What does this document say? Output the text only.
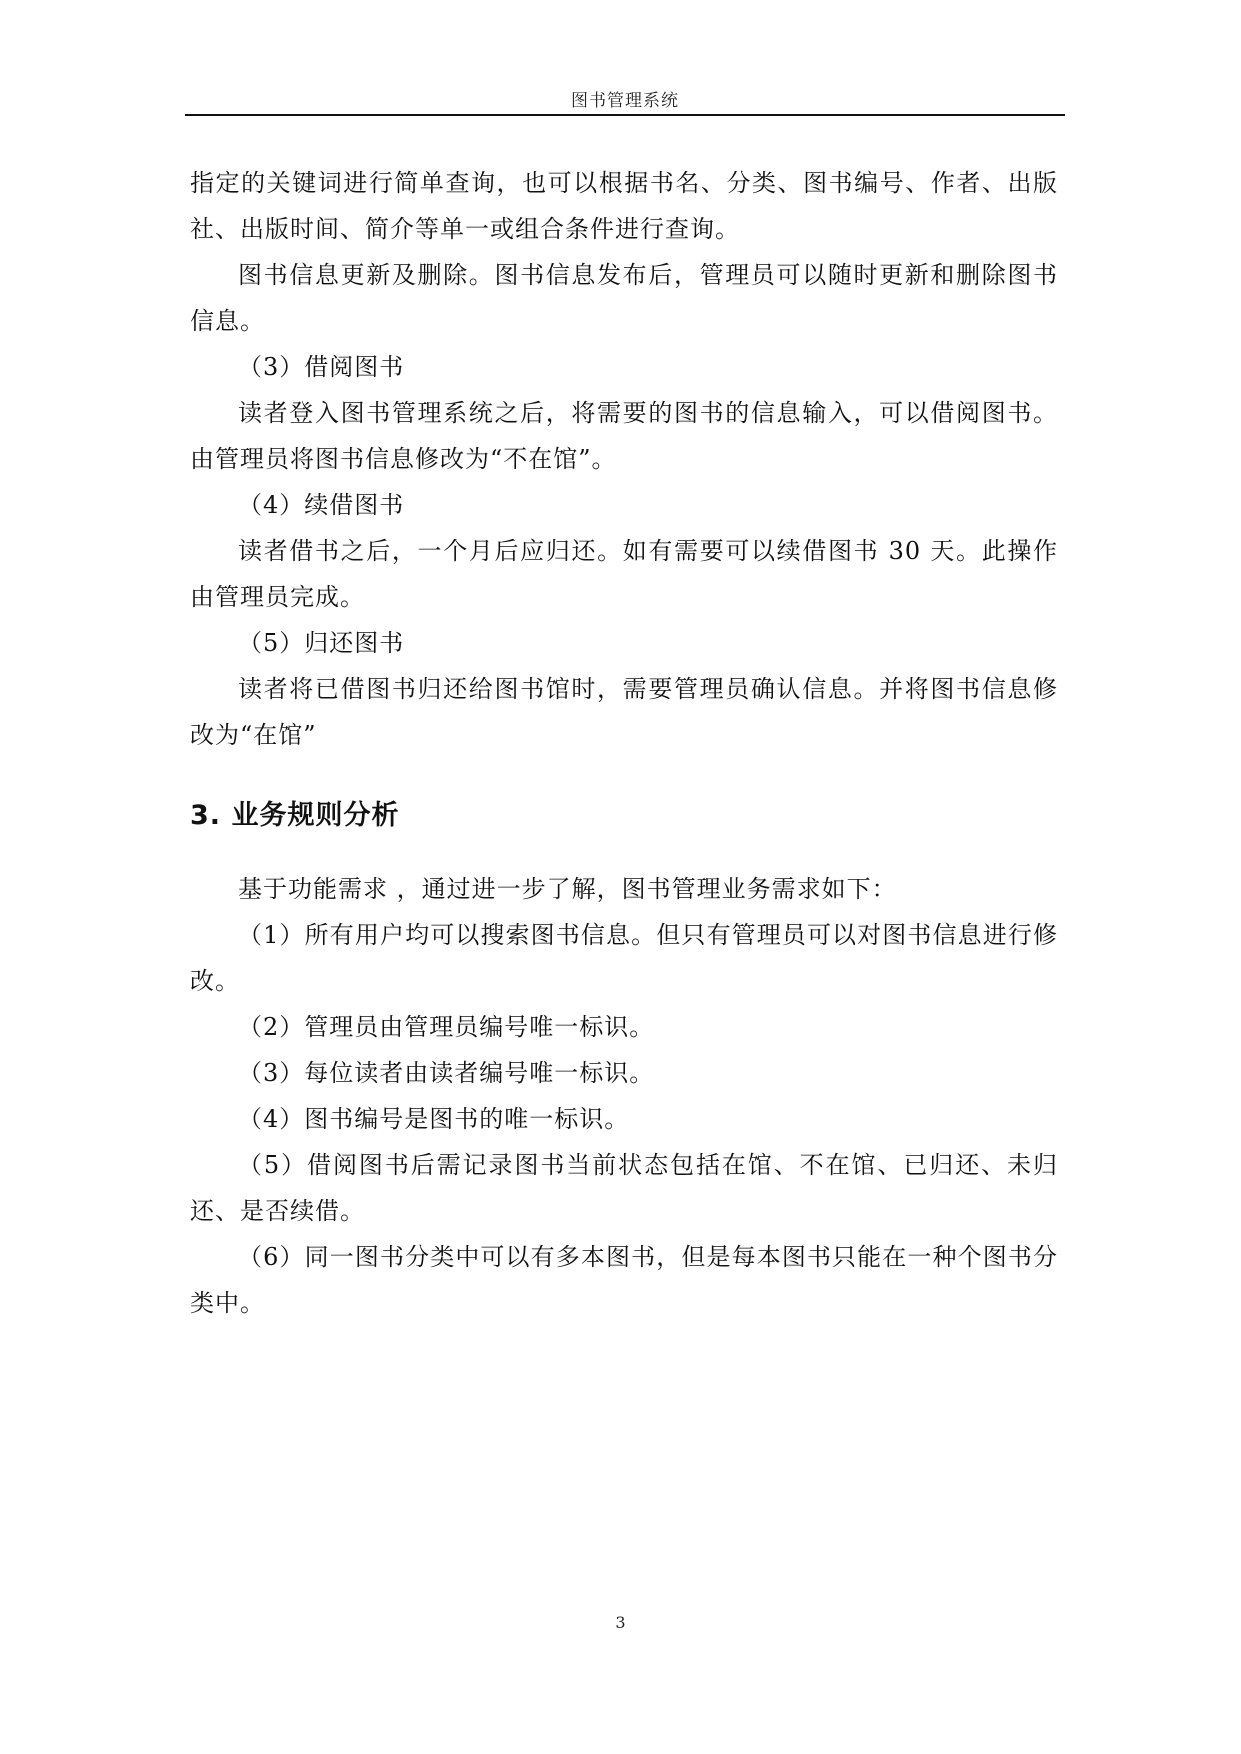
图书管理系统

指定的关键词进行简单查询，也可以根据书名、分类、图书编号、作者、出版社、出版时间、简介等单一或组合条件进行查询。

图书信息更新及删除。图书信息发布后，管理员可以随时更新和删除图书信息。

（3）借阅图书

读者登入图书管理系统之后，将需要的图书的信息输入，可以借阅图书。由管理员将图书信息修改为“不在馆”。

（4）续借图书

读者借书之后，一个月后应归还。如有需要可以续借图书 30 天。此操作由管理员完成。

（5）归还图书

读者将已借图书归还给图书馆时，需要管理员确认信息。并将图书信息修改为“在馆”

3. 业务规则分析

基于功能需求 ，通过进一步了解，图书管理业务需求如下：

（1）所有用户均可以搜索图书信息。但只有管理员可以对图书信息进行修改。

（2）管理员由管理员编号唯一标识。

（3）每位读者由读者编号唯一标识。

（4）图书编号是图书的唯一标识。

（5）借阅图书后需记录图书当前状态包括在馆、不在馆、已归还、未归还、是否续借。

（6）同一图书分类中可以有多本图书，但是每本图书只能在一种个图书分类中。

3
